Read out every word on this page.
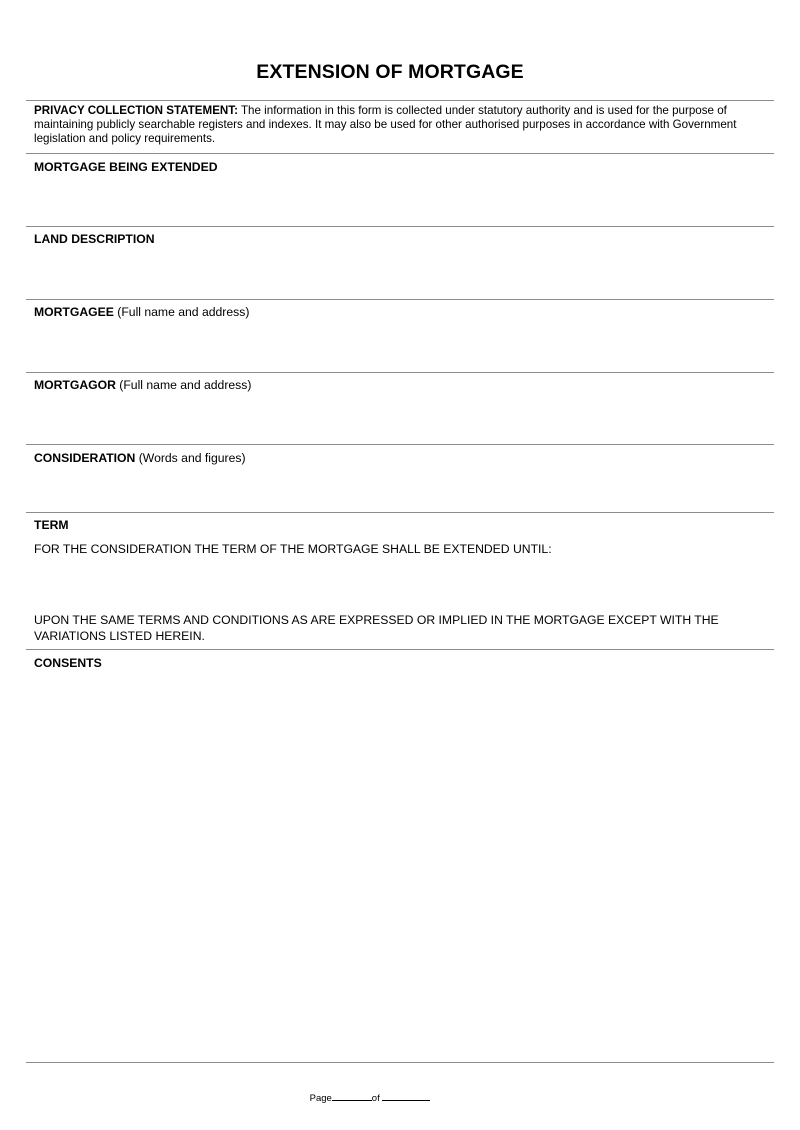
EXTENSION OF MORTGAGE
PRIVACY COLLECTION STATEMENT: The information in this form is collected under statutory authority and is used for the purpose of maintaining publicly searchable registers and indexes. It may also be used for other authorised purposes in accordance with Government legislation and policy requirements.
MORTGAGE BEING EXTENDED
LAND DESCRIPTION
MORTGAGEE (Full name and address)
MORTGAGOR (Full name and address)
CONSIDERATION (Words and figures)
TERM
FOR THE CONSIDERATION THE TERM OF THE MORTGAGE SHALL BE EXTENDED UNTIL:
UPON THE SAME TERMS AND CONDITIONS AS ARE EXPRESSED OR IMPLIED IN THE MORTGAGE EXCEPT WITH THE VARIATIONS LISTED HEREIN.
CONSENTS
Page	of
